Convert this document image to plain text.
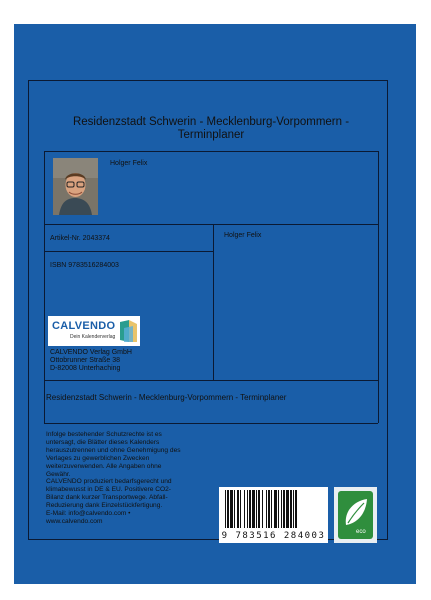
Residenzstadt Schwerin - Mecklenburg-Vorpommern -
Terminplaner
Holger Felix
Holger Felix
Artikel-Nr. 2043374
ISBN 9783516284003
CALVENDO
Dein Kalenderverlag
CALVENDO Verlag GmbH
Ottobrunner Straße 38
D-82008 Unterhaching
Residenzstadt Schwerin - Mecklenburg-Vorpommern - Terminplaner
Infolge bestehender Schutzrechte ist es
untersagt, die Blätter dieses Kalenders
herauszutrennen und ohne Genehmigung des
Verlages zu gewerblichen Zwecken
weiterzuverwenden. Alle Angaben ohne
Gewähr.
CALVENDO produziert bedarfsgerecht und
klimabewusst in DE & EU. Positivere CO2-
Bilanz dank kurzer Transportwege. Abfall-
Reduzierung dank Einzelstückfertigung.
E-Mail: info@calvendo.com •
www.calvendo.com
9 783516 284003	eco
